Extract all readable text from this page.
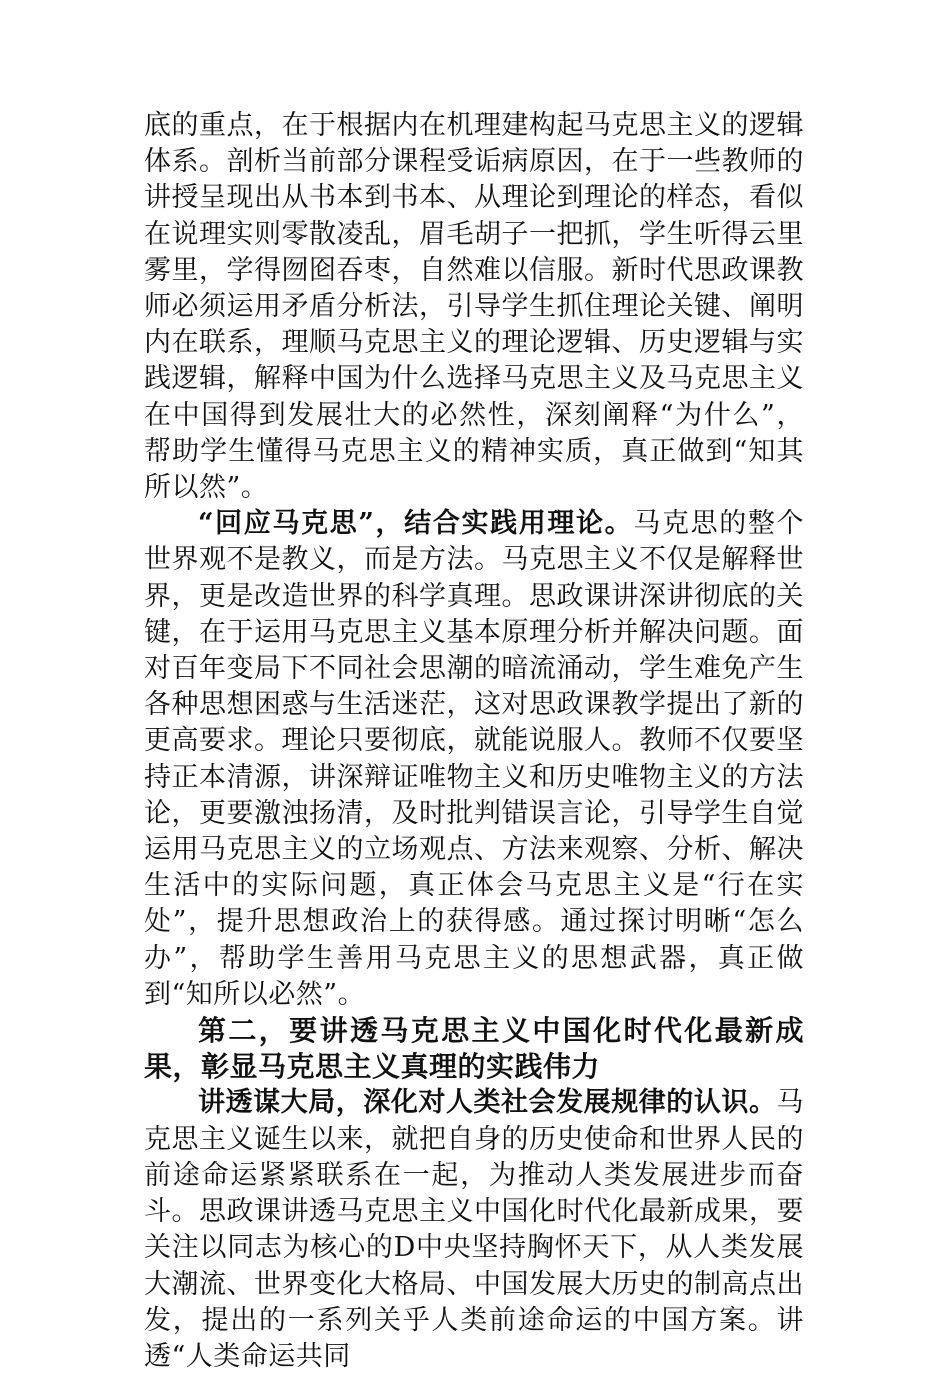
底的重点，在于根据内在机理建构起马克思主义的逻辑体系。剖析当前部分课程受诟病原因，在于一些教师的讲授呈现出从书本到书本、从理论到理论的样态，看似在说理实则零散凌乱，眉毛胡子一把抓，学生听得云里雾里，学得囫囵吞枣，自然难以信服。新时代思政课教师必须运用矛盾分析法，引导学生抓住理论关键、阐明内在联系，理顺马克思主义的理论逻辑、历史逻辑与实践逻辑，解释中国为什么选择马克思主义及马克思主义在中国得到发展壮大的必然性，深刻阐释“为什么”，帮助学生懂得马克思主义的精神实质，真正做到“知其所以然”。

“回应马克思”，结合实践用理论。马克思的整个世界观不是教义，而是方法。马克思主义不仅是解释世界，更是改造世界的科学真理。思政课讲深讲彻底的关键，在于运用马克思主义基本原理分析并解决问题。面对百年变局下不同社会思潮的暗流涌动，学生难免产生各种思想困惑与生活迷茫，这对思政课教学提出了新的更高要求。理论只要彻底，就能说服人。教师不仅要坚持正本清源，讲深辩证唯物主义和历史唯物主义的方法论，更要激浊扬清，及时批判错误言论，引导学生自觉运用马克思主义的立场观点、方法来观察、分析、解决生活中的实际问题，真正体会马克思主义是“行在实处”，提升思想政治上的获得感。通过探讨明晰“怎么办”，帮助学生善用马克思主义的思想武器，真正做到“知所以必然”。

第二，要讲透马克思主义中国化时代化最新成果，彰显马克思主义真理的实践伟力

讲透谋大局，深化对人类社会发展规律的认识。马克思主义诞生以来，就把自身的历史使命和世界人民的前途命运紧紧联系在一起，为推动人类发展进步而奋斗。思政课讲透马克思主义中国化时代化最新成果，要关注以同志为核心的D中央坚持胸怀天下，从人类发展大潮流、世界变化大格局、中国发展大历史的制高点出发，提出的一系列关乎人类前途命运的中国方案。讲透“人类命运共同
